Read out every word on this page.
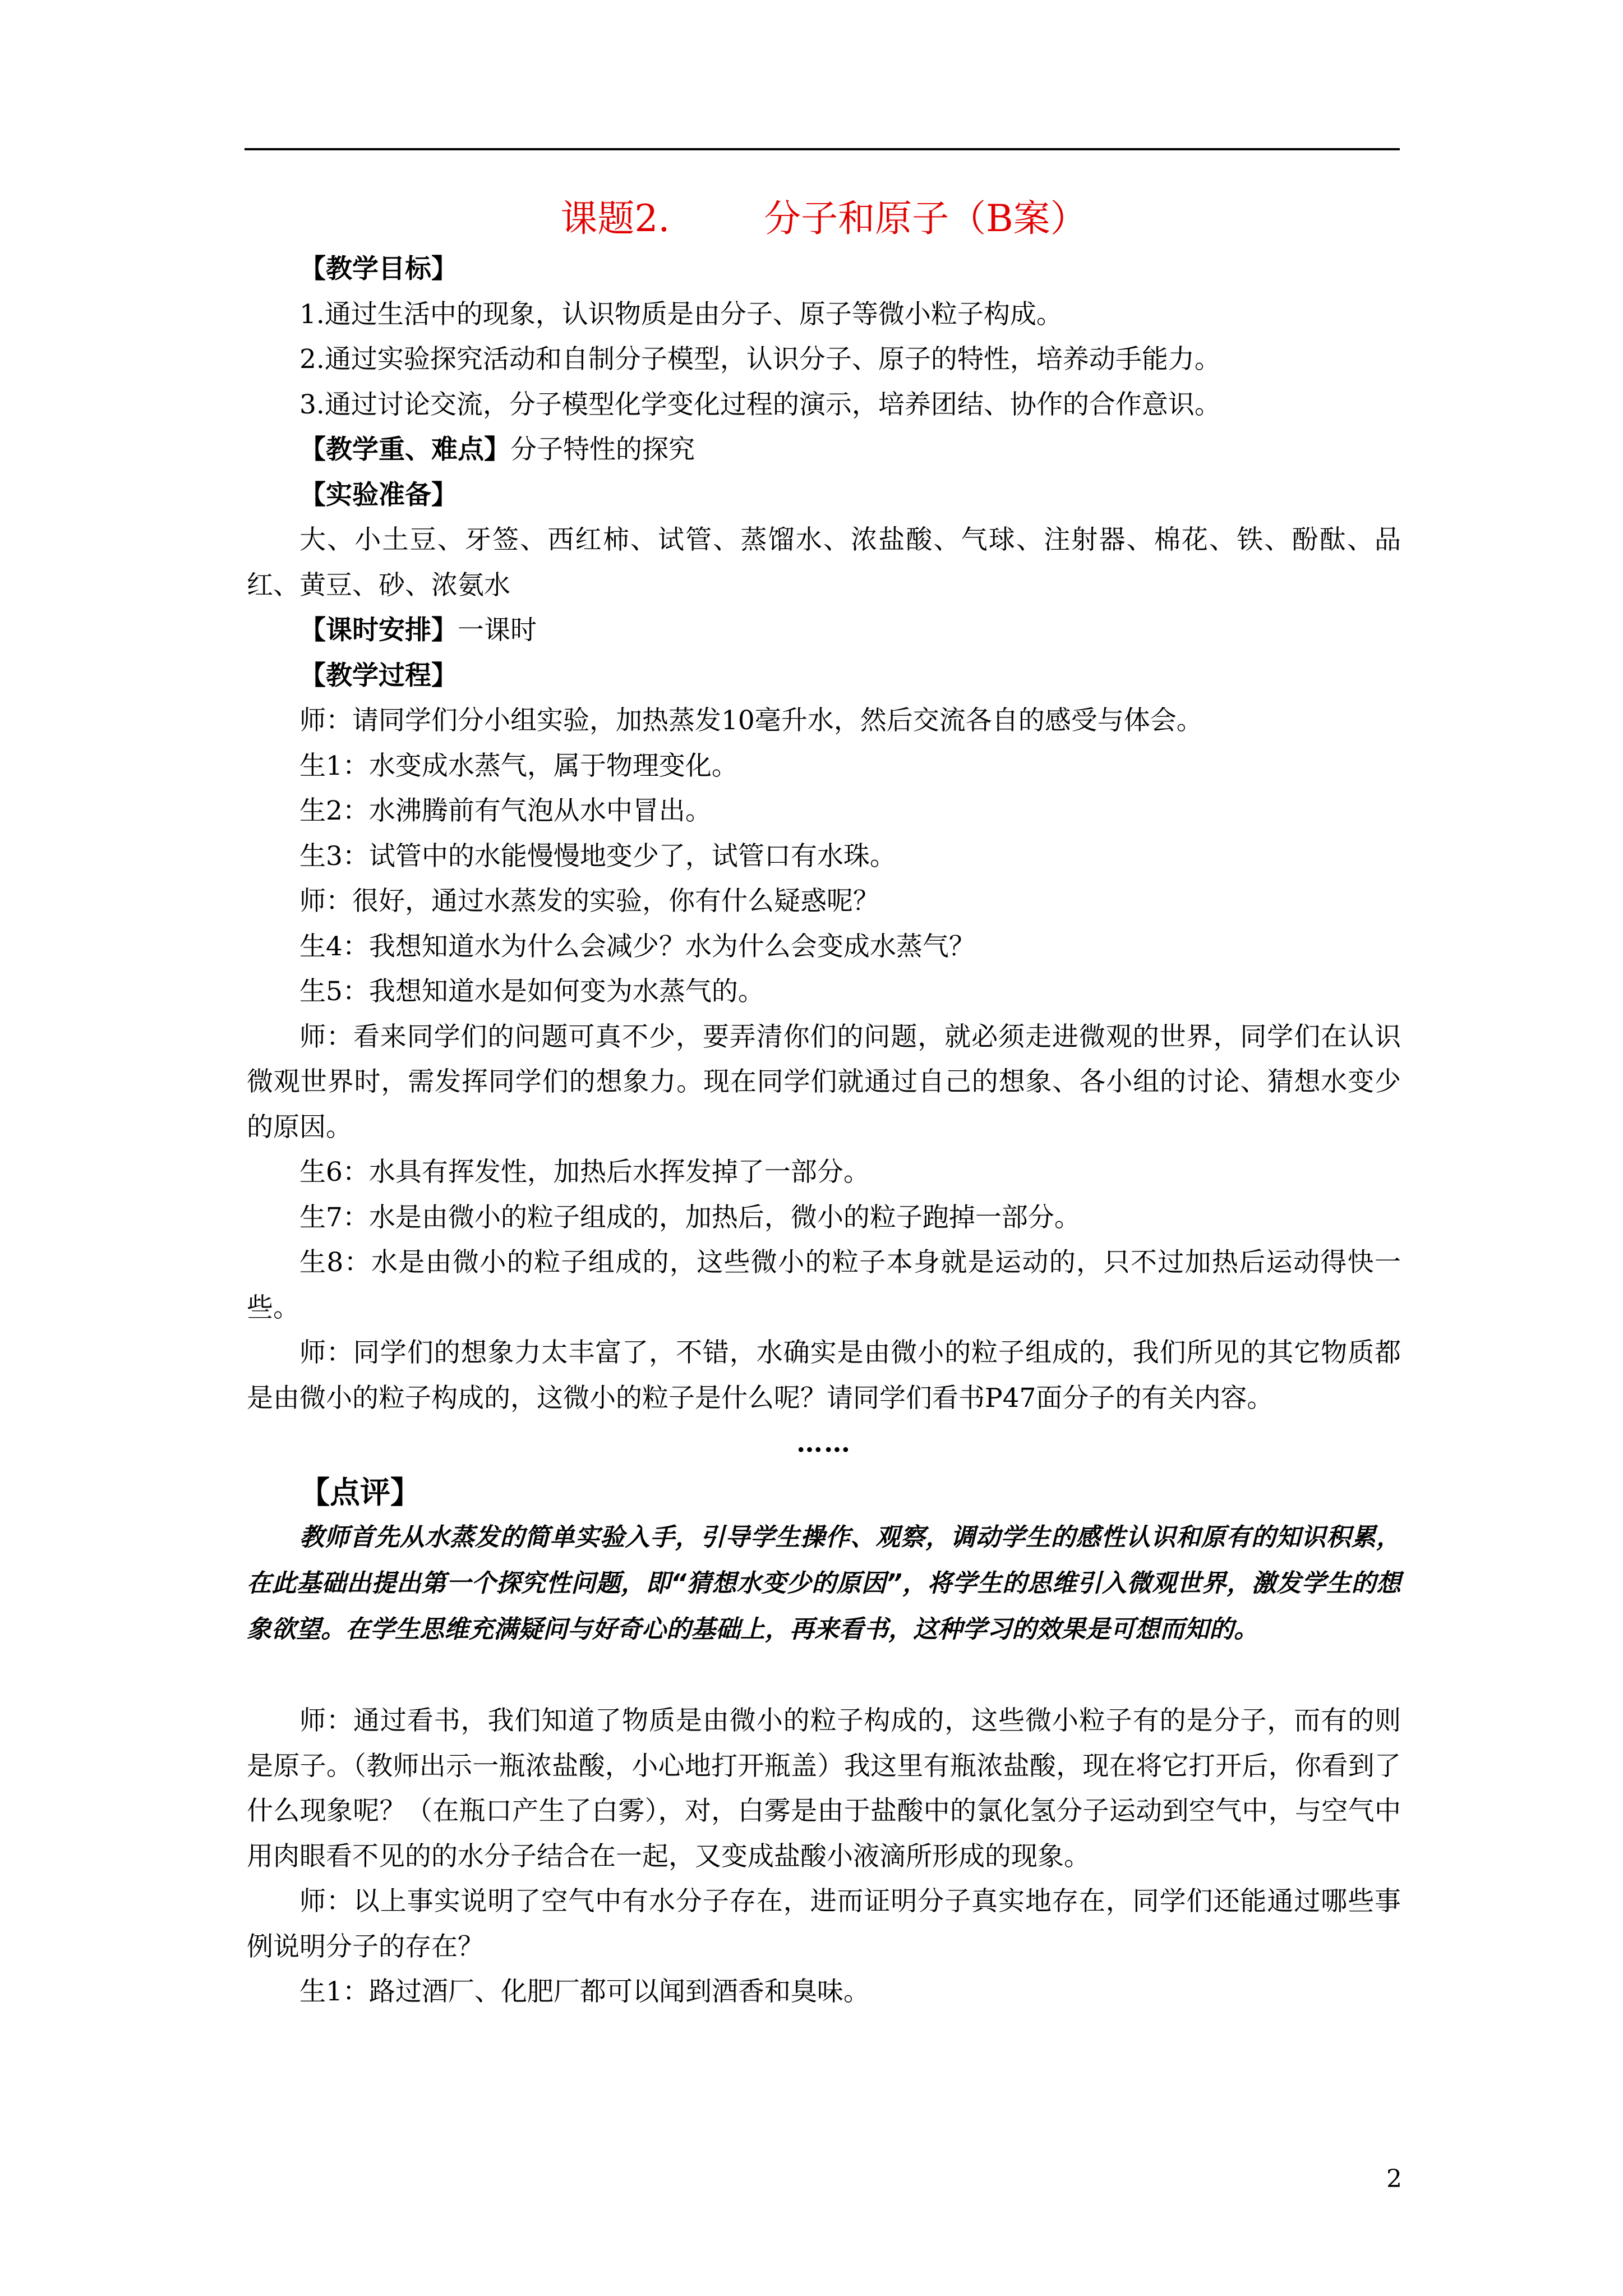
课题2.        分子和原子（B案）

【教学目标】

1.通过生活中的现象，认识物质是由分子、原子等微小粒子构成。

2.通过实验探究活动和自制分子模型，认识分子、原子的特性，培养动手能力。

3.通过讨论交流，分子模型化学变化过程的演示，培养团结、协作的合作意识。

【教学重、难点】分子特性的探究

【实验准备】

大、小土豆、牙签、西红柿、试管、蒸馏水、浓盐酸、气球、注射器、棉花、铁、酚酞、品红、黄豆、砂、浓氨水

【课时安排】一课时

【教学过程】

师：请同学们分小组实验，加热蒸发10毫升水，然后交流各自的感受与体会。

生1：水变成水蒸气，属于物理变化。

生2：水沸腾前有气泡从水中冒出。

生3：试管中的水能慢慢地变少了，试管口有水珠。

师：很好，通过水蒸发的实验，你有什么疑惑呢？

生4：我想知道水为什么会减少？水为什么会变成水蒸气？

生5：我想知道水是如何变为水蒸气的。

师：看来同学们的问题可真不少，要弄清你们的问题，就必须走进微观的世界，同学们在认识微观世界时，需发挥同学们的想象力。现在同学们就通过自己的想象、各小组的讨论、猜想水变少的原因。

生6：水具有挥发性，加热后水挥发掉了一部分。

生7：水是由微小的粒子组成的，加热后，微小的粒子跑掉一部分。

生8：水是由微小的粒子组成的，这些微小的粒子本身就是运动的，只不过加热后运动得快一些。

师：同学们的想象力太丰富了，不错，水确实是由微小的粒子组成的，我们所见的其它物质都是由微小的粒子构成的，这微小的粒子是什么呢？请同学们看书P47面分子的有关内容。

……

【点评】

教师首先从水蒸发的简单实验入手，引导学生操作、观察，调动学生的感性认识和原有的知识积累，在此基础出提出第一个探究性问题，即“猜想水变少的原因”，将学生的思维引入微观世界，激发学生的想象欲望。在学生思维充满疑问与好奇心的基础上，再来看书，这种学习的效果是可想而知的。

师：通过看书，我们知道了物质是由微小的粒子构成的，这些微小粒子有的是分子，而有的则是原子。（教师出示一瓶浓盐酸，小心地打开瓶盖）我这里有瓶浓盐酸，现在将它打开后，你看到了什么现象呢？（在瓶口产生了白雾），对，白雾是由于盐酸中的氯化氢分子运动到空气中，与空气中用肉眼看不见的的水分子结合在一起，又变成盐酸小液滴所形成的现象。

师：以上事实说明了空气中有水分子存在，进而证明分子真实地存在，同学们还能通过哪些事例说明分子的存在？

生1：路过酒厂、化肥厂都可以闻到酒香和臭味。

2
